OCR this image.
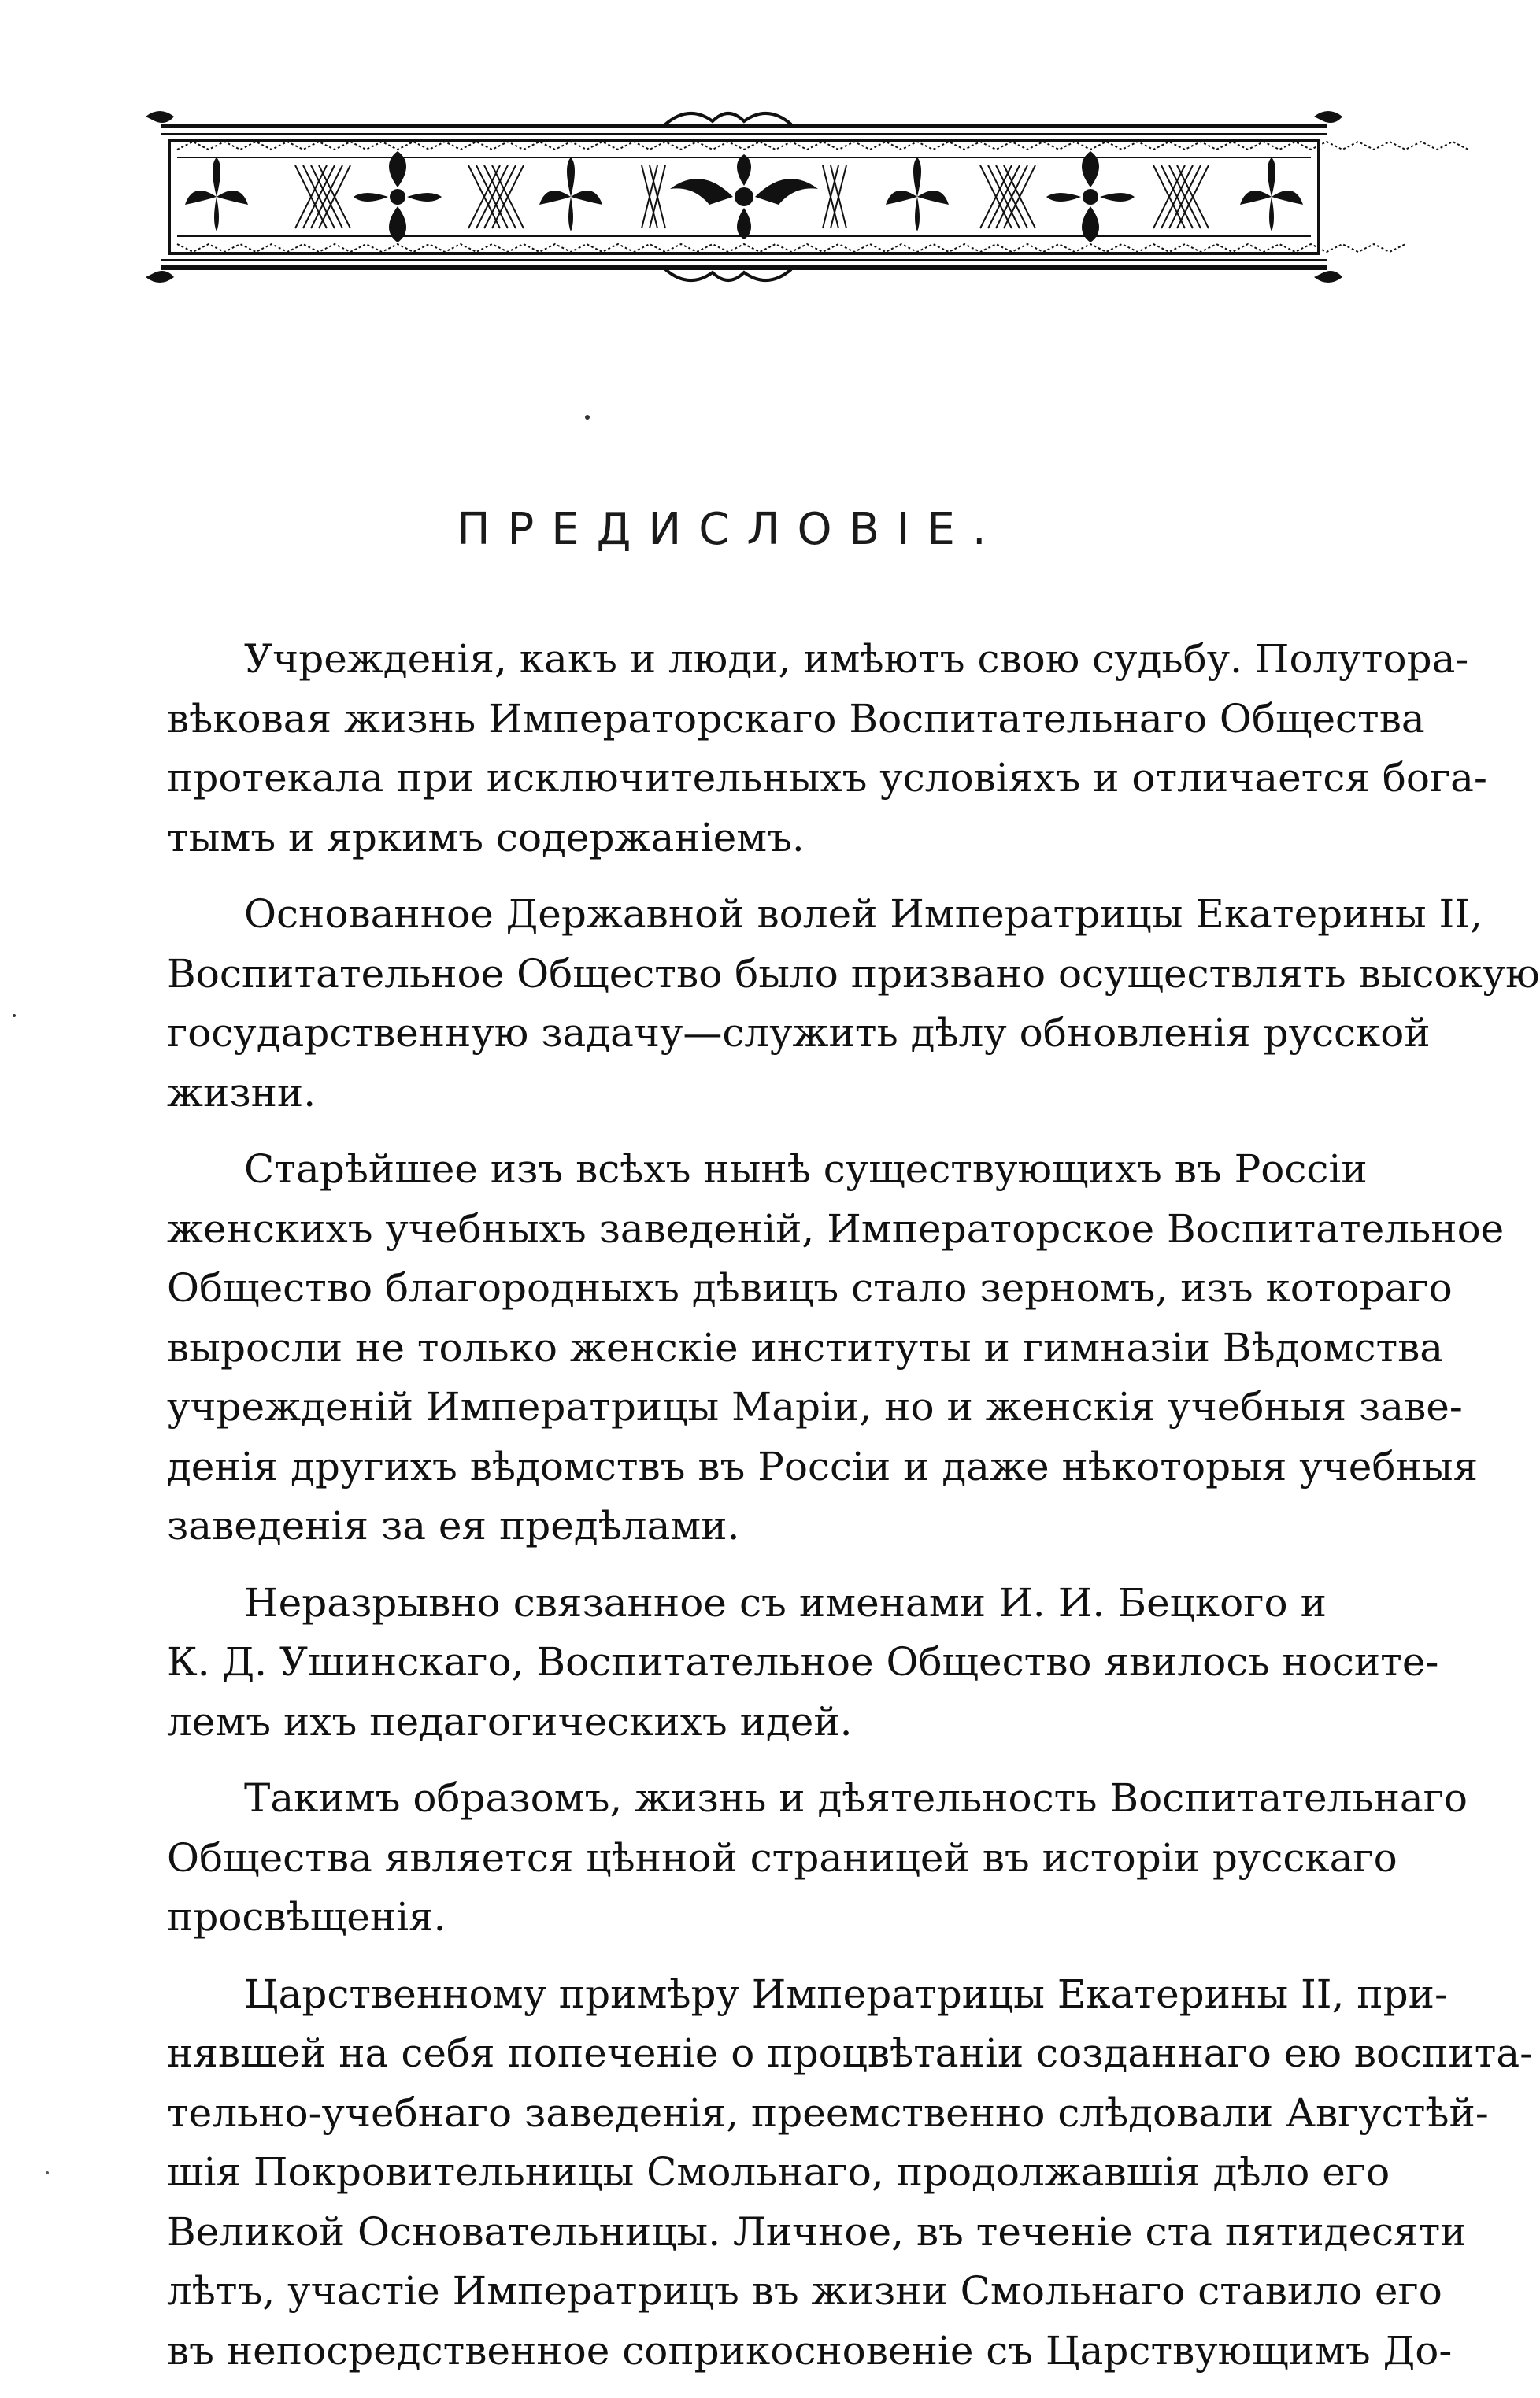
ПРЕДИСЛОВІЕ.
Учрежденія, какъ и люди, имѣютъ свою судьбу. Полутора-
вѣковая жизнь Императорскаго Воспитательнаго Общества
протекала при исключительныхъ условіяхъ и отличается бога-
тымъ и яркимъ содержаніемъ.
Основанное Державной волей Императрицы Екатерины II,
Воспитательное Общество было призвано осуществлять высокую
государственную задачу—служить дѣлу обновленія русской
жизни.
Старѣйшее изъ всѣхъ нынѣ существующихъ въ Россіи
женскихъ учебныхъ заведеній, Императорское Воспитательное
Общество благородныхъ дѣвицъ стало зерномъ, изъ котораго
выросли не только женскіе институты и гимназіи Вѣдомства
учрежденій Императрицы Маріи, но и женскія учебныя заве-
денія другихъ вѣдомствъ въ Россіи и даже нѣкоторыя учебныя
заведенія за ея предѣлами.
Неразрывно связанное съ именами И. И. Бецкого и
К. Д. Ушинскаго, Воспитательное Общество явилось носите-
лемъ ихъ педагогическихъ идей.
Такимъ образомъ, жизнь и дѣятельность Воспитательнаго
Общества является цѣнной страницей въ исторіи русскаго
просвѣщенія.
Царственному примѣру Императрицы Екатерины II, при-
нявшей на себя попеченіе о процвѣтаніи созданнаго ею воспита-
тельно-учебнаго заведенія, преемственно слѣдовали Августѣй-
шія Покровительницы Смольнаго, продолжавшія дѣло его
Великой Основательницы. Личное, въ теченіе ста пятидесяти
лѣтъ, участіе Императрицъ въ жизни Смольнаго ставило его
въ непосредственное соприкосновеніе съ Царствующимъ До-
